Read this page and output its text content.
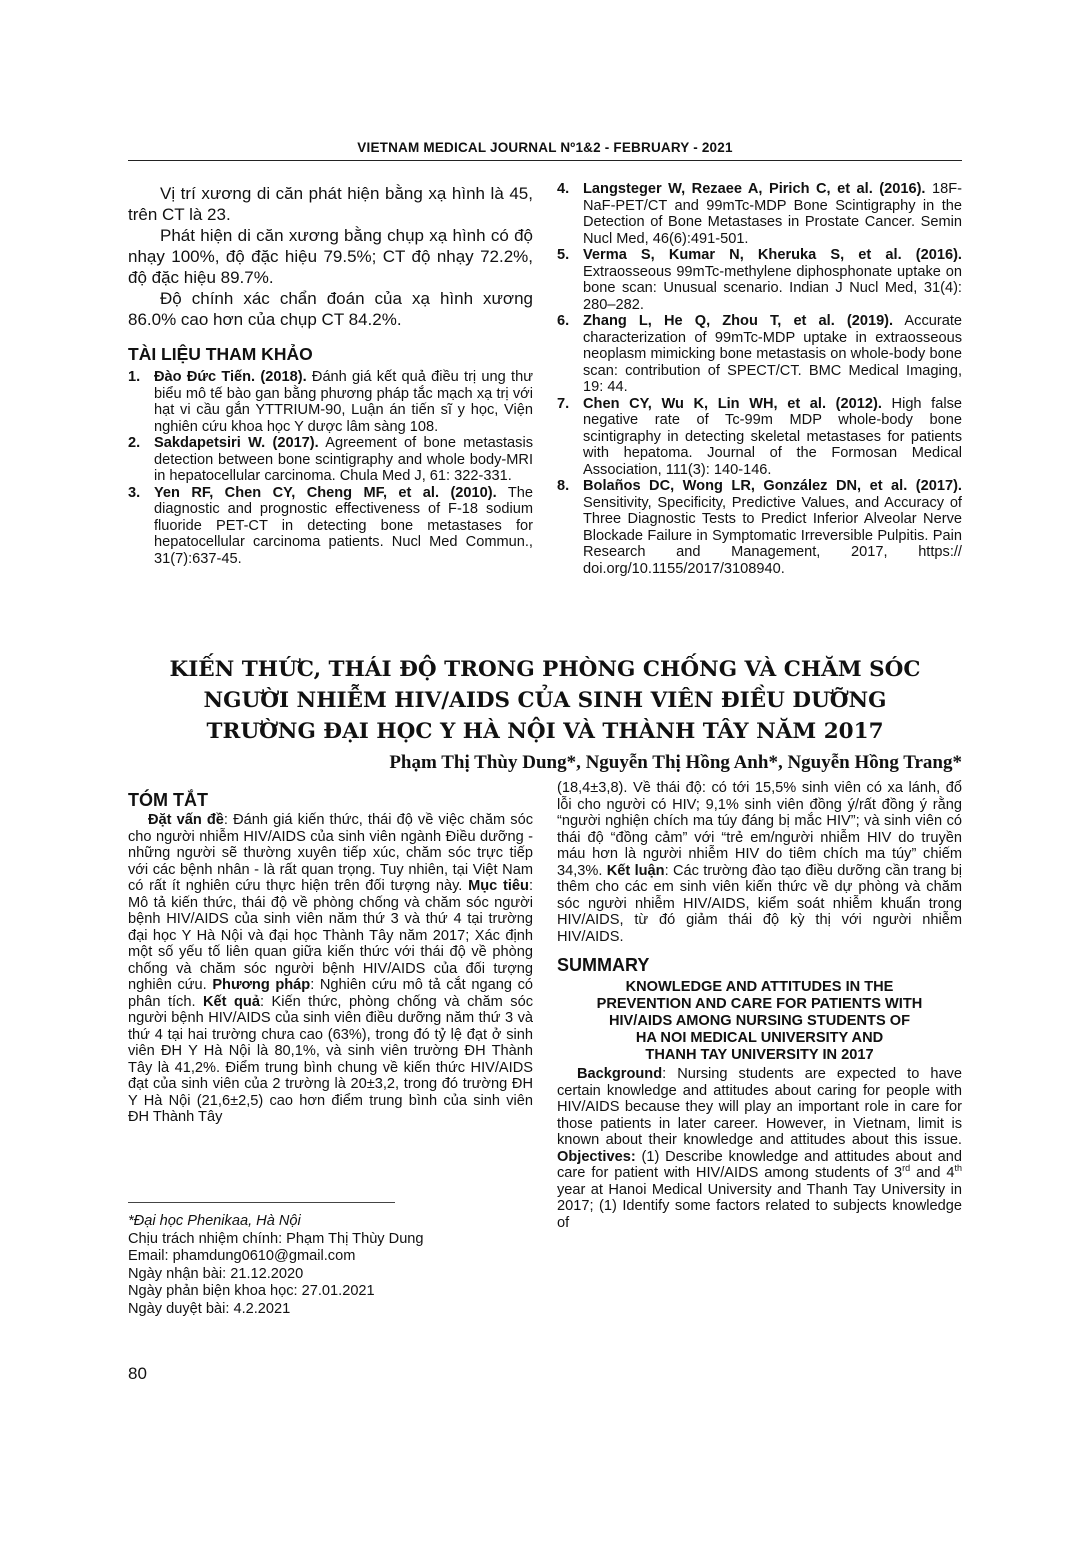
VIETNAM MEDICAL JOURNAL Nº1&2 - FEBRUARY - 2021

Vị trí xương di căn phát hiện bằng xạ hình là 45, trên CT là 23.

Phát hiện di căn xương bằng chụp xạ hình có độ nhạy 100%, độ đặc hiệu 79.5%; CT độ nhạy 72.2%, độ đặc hiệu 89.7%.

Độ chính xác chẩn đoán của xạ hình xương 86.0% cao hơn của chụp CT 84.2%.

TÀI LIỆU THAM KHẢO
1. Đào Đức Tiến. (2018). Đánh giá kết quả điều trị ung thư biểu mô tế bào gan bằng phương pháp tắc mạch xạ trị với hạt vi cầu gắn YTTRIUM-90, Luận án tiến sĩ y học, Viện nghiên cứu khoa học Y dược lâm sàng 108.
2. Sakdapetsiri W. (2017). Agreement of bone metastasis detection between bone scintigraphy and whole body-MRI in hepatocellular carcinoma. Chula Med J, 61: 322-331.
3. Yen RF, Chen CY, Cheng MF, et al. (2010). The diagnostic and prognostic effectiveness of F-18 sodium fluoride PET-CT in detecting bone metastases for hepatocellular carcinoma patients. Nucl Med Commun., 31(7):637-45.
4. Langsteger W, Rezaee A, Pirich C, et al. (2016). 18F-NaF-PET/CT and 99mTc-MDP Bone Scintigraphy in the Detection of Bone Metastases in Prostate Cancer. Semin Nucl Med, 46(6):491-501.
5. Verma S, Kumar N, Kheruka S, et al. (2016). Extraosseous 99mTc-methylene diphosphonate uptake on bone scan: Unusual scenario. Indian J Nucl Med, 31(4): 280–282.
6. Zhang L, He Q, Zhou T, et al. (2019). Accurate characterization of 99mTc-MDP uptake in extraosseous neoplasm mimicking bone metastasis on whole-body bone scan: contribution of SPECT/CT. BMC Medical Imaging, 19: 44.
7. Chen CY, Wu K, Lin WH, et al. (2012). High false negative rate of Tc-99m MDP whole-body bone scintigraphy in detecting skeletal metastases for patients with hepatoma. Journal of the Formosan Medical Association, 111(3): 140-146.
8. Bolaños DC, Wong LR, González DN, et al. (2017). Sensitivity, Specificity, Predictive Values, and Accuracy of Three Diagnostic Tests to Predict Inferior Alveolar Nerve Blockade Failure in Symptomatic Irreversible Pulpitis. Pain Research and Management, 2017, https:// doi.org/10.1155/2017/3108940.
KIẾN THỨC, THÁI ĐỘ TRONG PHÒNG CHỐNG VÀ CHĂM SÓC
NGƯỜI NHIỄM HIV/AIDS CỦA SINH VIÊN ĐIỀU DƯỠNG
TRƯỜNG ĐẠI HỌC Y HÀ NỘI VÀ THÀNH TÂY NĂM 2017
Phạm Thị Thùy Dung*, Nguyễn Thị Hồng Anh*, Nguyễn Hồng Trang*
TÓM TẮT

Đặt vấn đề: Đánh giá kiến thức, thái độ về việc chăm sóc cho người nhiễm HIV/AIDS của sinh viên ngành Điều dưỡng - những người sẽ thường xuyên tiếp xúc, chăm sóc trực tiếp với các bệnh nhân - là rất quan trọng. Tuy nhiên, tại Việt Nam có rất ít nghiên cứu thực hiện trên đối tượng này. Mục tiêu: Mô tả kiến thức, thái độ về phòng chống và chăm sóc người bệnh HIV/AIDS của sinh viên năm thứ 3 và thứ 4 tại trường đại học Y Hà Nội và đại học Thành Tây năm 2017; Xác định một số yếu tố liên quan giữa kiến thức với thái độ về phòng chống và chăm sóc người bệnh HIV/AIDS của đối tượng nghiên cứu. Phương pháp: Nghiên cứu mô tả cắt ngang có phân tích. Kết quả: Kiến thức, phòng chống và chăm sóc người bệnh HIV/AIDS của sinh viên điều dưỡng năm thứ 3 và thứ 4 tại hai trường chưa cao (63%), trong đó tỷ lệ đạt ở sinh viên ĐH Y Hà Nội là 80,1%, và sinh viên trường ĐH Thành Tây là 41,2%. Điểm trung bình chung về kiến thức HIV/AIDS đạt của sinh viên của 2 trường là 20±3,2, trong đó trường ĐH Y Hà Nội (21,6±2,5) cao hơn điểm trung bình của sinh viên ĐH Thành Tây

(18,4±3,8). Về thái độ: có tới 15,5% sinh viên có xa lánh, đổ lỗi cho người có HIV; 9,1% sinh viên đồng ý/rất đồng ý rằng “người nghiện chích ma túy đáng bị mắc HIV”; và sinh viên có thái độ “đồng cảm” với “trẻ em/người nhiễm HIV do truyền máu hơn là người nhiễm HIV do tiêm chích ma túy” chiếm 34,3%. Kết luận: Các trường đào tạo điều dưỡng cần trang bị thêm cho các em sinh viên kiến thức về dự phòng và chăm sóc người nhiễm HIV/AIDS, kiểm soát nhiễm khuẩn trong HIV/AIDS, từ đó giảm thái độ kỳ thị với người nhiễm HIV/AIDS.

SUMMARY

KNOWLEDGE AND ATTITUDES IN THE

PREVENTION AND CARE FOR PATIENTS WITH

HIV/AIDS AMONG NURSING STUDENTS OF

HA NOI MEDICAL UNIVERSITY AND

THANH TAY UNIVERSITY IN 2017

Background: Nursing students are expected to have certain knowledge and attitudes about caring for people with HIV/AIDS because they will play an important role in care for those patients in later career. However, in Vietnam, limit is known about their knowledge and attitudes about this issue. Objectives: (1) Describe knowledge and attitudes about and care for patient with HIV/AIDS among students of 3rd and 4th year at Hanoi Medical University and Thanh Tay University in 2017; (1) Identify some factors related to subjects knowledge of

*Đại học Phenikaa, Hà Nội
Chịu trách nhiệm chính: Phạm Thị Thùy Dung
Email: phamdung0610@gmail.com
Ngày nhận bài: 21.12.2020
Ngày phản biện khoa học: 27.01.2021
Ngày duyệt bài: 4.2.2021
80
